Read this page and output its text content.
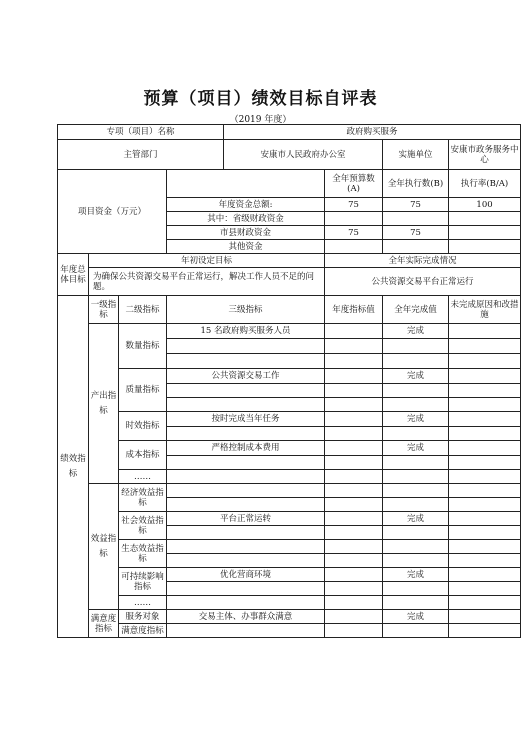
预算（项目）绩效目标自评表
（2019 年度）
专项（项目）名称				政府购买服务			
主管部门				安康市人民政府办公室		实施单位	安康市政务服务中心
项目资金（万元）					全年预算数(A)	全年执行数(B)	执行率(B/A)
			年度资金总额:		75	75	100
			其中：省级财政资金				
			市县财政资金		75	75	
			其他资金				
年度总体目标	年初设定目标				全年实际完成情况		
	为确保公共资源交易平台正常运行，解决工作人员不足的问题。				公共资源交易平台正常运行		
绩效指标	一级指标	二级指标	三级指标		年度指标值	全年完成值	未完成原因和改措施
	产出指标	数量指标	15 名政府购买服务人员			完成	

		质量指标	公共资源交易工作			完成	

		时效指标	按时完成当年任务			完成	

		成本指标	严格控制成本费用			完成	

		……					
	效益指标	经济效益指标					

		社会效益指标	平台正常运转			完成	

		生态效益指标					

		可持续影响指标	优化营商环境			完成	

		……					
	满意度指标	服务对象	交易主体、办事群众满意			完成	
		满意度指标					
